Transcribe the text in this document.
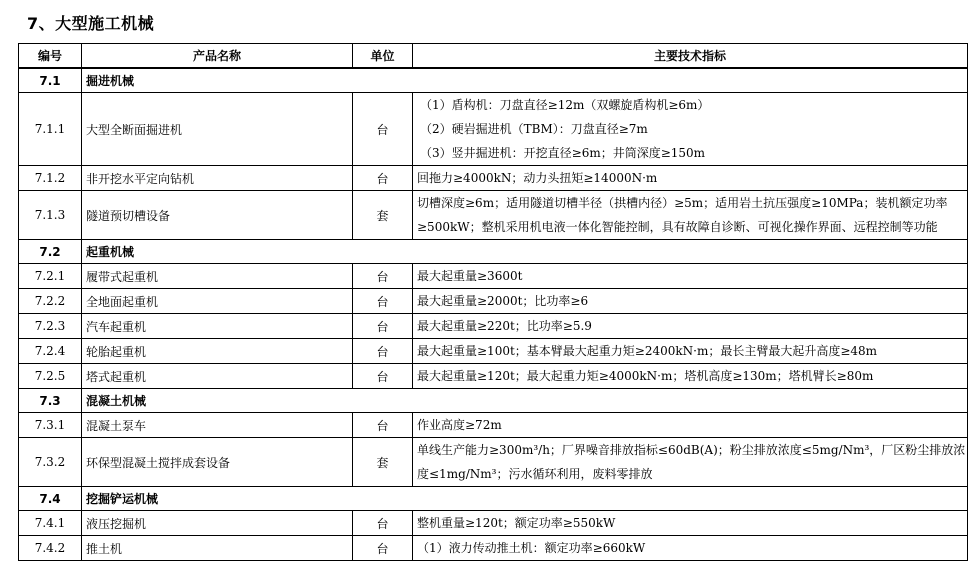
7、大型施工机械
编号	产品名称	单位	主要技术指标
7.1	掘进机械		
7.1.1	大型全断面掘进机	台	（1）盾构机：刀盘直径≥12m（双螺旋盾构机≥6m）
（2）硬岩掘进机（TBM）：刀盘直径≥7m
（3）竖井掘进机：开挖直径≥6m；井筒深度≥150m

7.1.2	非开挖水平定向钻机	台	回拖力≥4000kN；动力头扭矩≥14000N·m

7.1.3	隧道预切槽设备	套	切槽深度≥6m；适用隧道切槽半径（拱槽内径）≥5m；适用岩土抗压强度≥10MPa；装机额定功率
≥500kW；整机采用机电液一体化智能控制，具有故障自诊断、可视化操作界面、远程控制等功能

7.2	起重机械		
7.2.1	履带式起重机	台	最大起重量≥3600t

7.2.2	全地面起重机	台	最大起重量≥2000t；比功率≥6

7.2.3	汽车起重机	台	最大起重量≥220t；比功率≥5.9

7.2.4	轮胎起重机	台	最大起重量≥100t；基本臂最大起重力矩≥2400kN·m；最长主臂最大起升高度≥48m

7.2.5	塔式起重机	台	最大起重量≥120t；最大起重力矩≥4000kN·m；塔机高度≥130m；塔机臂长≥80m

7.3	混凝土机械		
7.3.1	混凝土泵车	台	作业高度≥72m

7.3.2	环保型混凝土搅拌成套设备	套	单线生产能力≥300m³/h；厂界噪音排放指标≤60dB(A)；粉尘排放浓度≤5mg/Nm³，厂区粉尘排放浓
度≤1mg/Nm³；污水循环利用，废料零排放

7.4	挖掘铲运机械		
7.4.1	液压挖掘机	台	整机重量≥120t；额定功率≥550kW

7.4.2	推土机	台	（1）液力传动推土机：额定功率≥660kW
